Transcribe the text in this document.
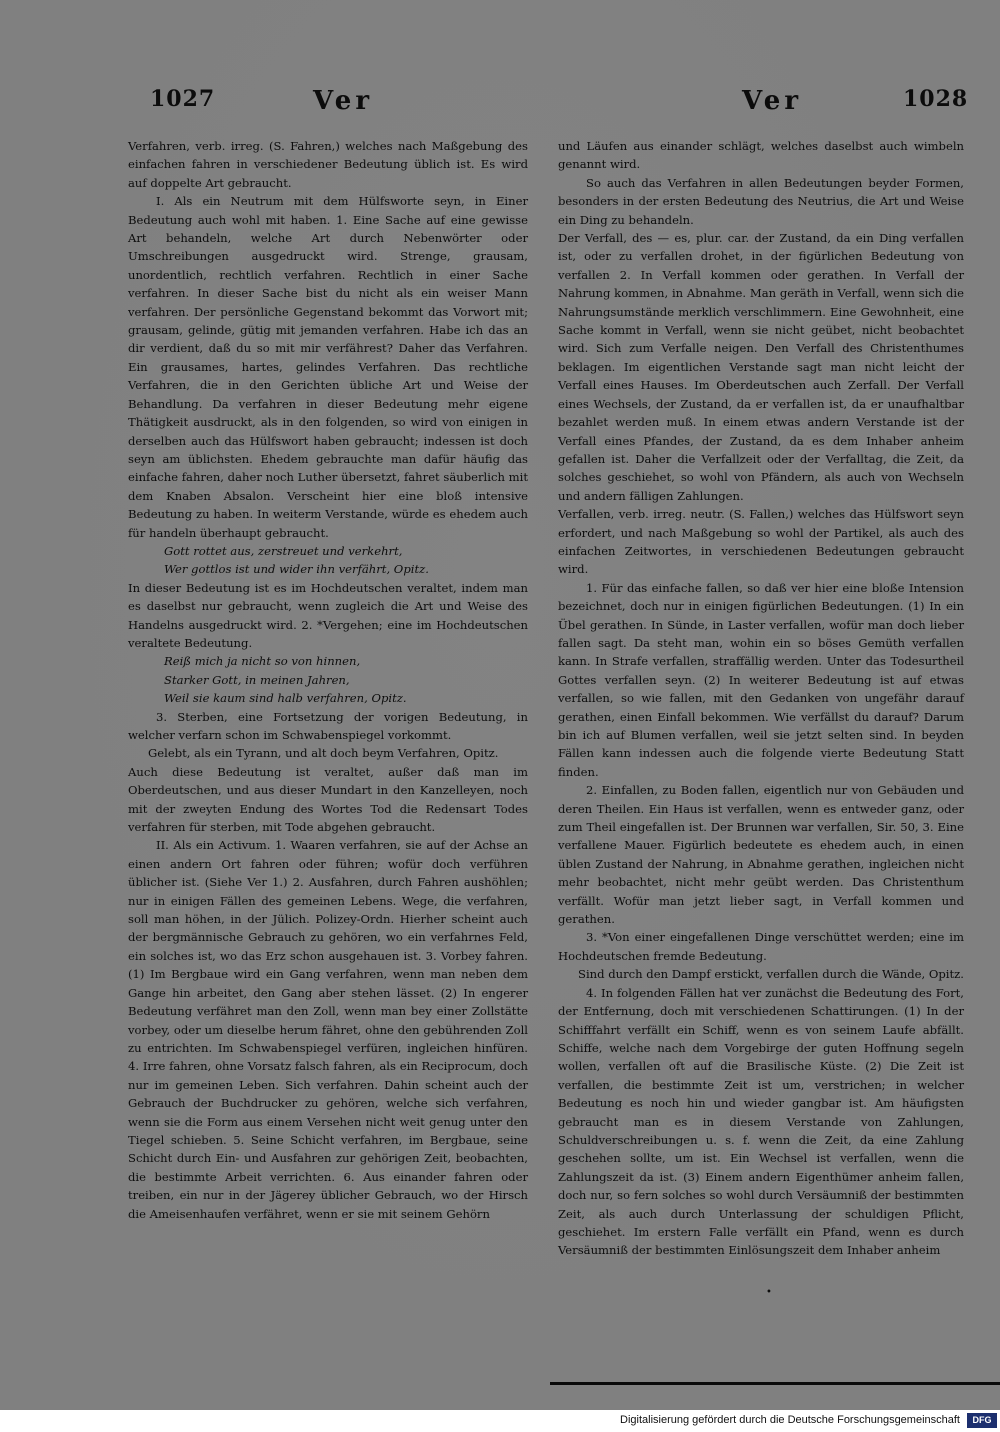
1027	Ver	Ver	1028

Verfahren, verb. irreg. (S. Fahren,) welches nach Maßgebung des einfachen fahren in verschiedener Bedeutung üblich ist. Es wird auf doppelte Art gebraucht.

I. Als ein Neutrum mit dem Hülfsworte seyn, in Einer Bedeutung auch wohl mit haben. 1. Eine Sache auf eine gewisse Art behandeln, welche Art durch Nebenwörter oder Umschreibungen ausgedruckt wird. Strenge, grausam, unordentlich, rechtlich verfahren. Rechtlich in einer Sache verfahren. In dieser Sache bist du nicht als ein weiser Mann verfahren. Der persönliche Gegenstand bekommt das Vorwort mit; grausam, gelinde, gütig mit jemanden verfahren. Habe ich das an dir verdient, daß du so mit mir verfährest? Daher das Verfahren. Ein grausames, hartes, gelindes Verfahren. Das rechtliche Verfahren, die in den Gerichten übliche Art und Weise der Behandlung. Da verfahren in dieser Bedeutung mehr eigene Thätigkeit ausdruckt, als in den folgenden, so wird von einigen in derselben auch das Hülfswort haben gebraucht; indessen ist doch seyn am üblichsten. Ehedem gebrauchte man dafür häufig das einfache fahren, daher noch Luther übersetzt, fahret säuberlich mit dem Knaben Absalon. Verscheint hier eine bloß intensive Bedeutung zu haben. In weiterm Verstande, würde es ehedem auch für handeln überhaupt gebraucht.

Gott rottet aus, zerstreuet und verkehrt,

Wer gottlos ist und wider ihn verfährt, Opitz.

In dieser Bedeutung ist es im Hochdeutschen veraltet, indem man es daselbst nur gebraucht, wenn zugleich die Art und Weise des Handelns ausgedruckt wird. 2. *Vergehen; eine im Hochdeutschen veraltete Bedeutung.

Reiß mich ja nicht so von hinnen,

Starker Gott, in meinen Jahren,

Weil sie kaum sind halb verfahren, Opitz.

3. Sterben, eine Fortsetzung der vorigen Bedeutung, in welcher verfarn schon im Schwabenspiegel vorkommt.

Gelebt, als ein Tyrann, und alt doch beym Verfahren, Opitz.

Auch diese Bedeutung ist veraltet, außer daß man im Oberdeutschen, und aus dieser Mundart in den Kanzelleyen, noch mit der zweyten Endung des Wortes Tod die Redensart Todes verfahren für sterben, mit Tode abgehen gebraucht.

II. Als ein Activum. 1. Waaren verfahren, sie auf der Achse an einen andern Ort fahren oder führen; wofür doch verführen üblicher ist. (Siehe Ver 1.) 2. Ausfahren, durch Fahren aushöhlen; nur in einigen Fällen des gemeinen Lebens. Wege, die verfahren, soll man höhen, in der Jülich. Polizey-Ordn. Hierher scheint auch der bergmännische Gebrauch zu gehören, wo ein verfahrnes Feld, ein solches ist, wo das Erz schon ausgehauen ist. 3. Vorbey fahren. (1) Im Bergbaue wird ein Gang verfahren, wenn man neben dem Gange hin arbeitet, den Gang aber stehen lässet. (2) In engerer Bedeutung verfähret man den Zoll, wenn man bey einer Zollstätte vorbey, oder um dieselbe herum fähret, ohne den gebührenden Zoll zu entrichten. Im Schwabenspiegel verfüren, ingleichen hinfüren. 4. Irre fahren, ohne Vorsatz falsch fahren, als ein Reciprocum, doch nur im gemeinen Leben. Sich verfahren. Dahin scheint auch der Gebrauch der Buchdrucker zu gehören, welche sich verfahren, wenn sie die Form aus einem Versehen nicht weit genug unter den Tiegel schieben. 5. Seine Schicht verfahren, im Bergbaue, seine Schicht durch Ein- und Ausfahren zur gehörigen Zeit, beobachten, die bestimmte Arbeit verrichten. 6. Aus einander fahren oder treiben, ein nur in der Jägerey üblicher Gebrauch, wo der Hirsch die Ameisenhaufen verfähret, wenn er sie mit seinem Gehörn

und Läufen aus einander schlägt, welches daselbst auch wimbeln genannt wird.

So auch das Verfahren in allen Bedeutungen beyder Formen, besonders in der ersten Bedeutung des Neutrius, die Art und Weise ein Ding zu behandeln.

Der Verfall, des — es, plur. car. der Zustand, da ein Ding verfallen ist, oder zu verfallen drohet, in der figürlichen Bedeutung von verfallen 2. In Verfall kommen oder gerathen. In Verfall der Nahrung kommen, in Abnahme. Man geräth in Verfall, wenn sich die Nahrungsumstände merklich verschlimmern. Eine Gewohnheit, eine Sache kommt in Verfall, wenn sie nicht geübet, nicht beobachtet wird. Sich zum Verfalle neigen. Den Verfall des Christenthumes beklagen. Im eigentlichen Verstande sagt man nicht leicht der Verfall eines Hauses. Im Oberdeutschen auch Zerfall. Der Verfall eines Wechsels, der Zustand, da er verfallen ist, da er unaufhaltbar bezahlet werden muß. In einem etwas andern Verstande ist der Verfall eines Pfandes, der Zustand, da es dem Inhaber anheim gefallen ist. Daher die Verfallzeit oder der Verfalltag, die Zeit, da solches geschiehet, so wohl von Pfändern, als auch von Wechseln und andern fälligen Zahlungen.

Verfallen, verb. irreg. neutr. (S. Fallen,) welches das Hülfswort seyn erfordert, und nach Maßgebung so wohl der Partikel, als auch des einfachen Zeitwortes, in verschiedenen Bedeutungen gebraucht wird.

1. Für das einfache fallen, so daß ver hier eine bloße Intension bezeichnet, doch nur in einigen figürlichen Bedeutungen. (1) In ein Übel gerathen. In Sünde, in Laster verfallen, wofür man doch lieber fallen sagt. Da steht man, wohin ein so böses Gemüth verfallen kann. In Strafe verfallen, straffällig werden. Unter das Todesurtheil Gottes verfallen seyn. (2) In weiterer Bedeutung ist auf etwas verfallen, so wie fallen, mit den Gedanken von ungefähr darauf gerathen, einen Einfall bekommen. Wie verfällst du darauf? Darum bin ich auf Blumen verfallen, weil sie jetzt selten sind. In beyden Fällen kann indessen auch die folgende vierte Bedeutung Statt finden.

2. Einfallen, zu Boden fallen, eigentlich nur von Gebäuden und deren Theilen. Ein Haus ist verfallen, wenn es entweder ganz, oder zum Theil eingefallen ist. Der Brunnen war verfallen, Sir. 50, 3. Eine verfallene Mauer. Figürlich bedeutete es ehedem auch, in einen üblen Zustand der Nahrung, in Abnahme gerathen, ingleichen nicht mehr beobachtet, nicht mehr geübt werden. Das Christenthum verfällt. Wofür man jetzt lieber sagt, in Verfall kommen und gerathen.

3. *Von einer eingefallenen Dinge verschüttet werden; eine im Hochdeutschen fremde Bedeutung.

Sind durch den Dampf erstickt, verfallen durch die Wände, Opitz.

4. In folgenden Fällen hat ver zunächst die Bedeutung des Fort, der Entfernung, doch mit verschiedenen Schattirungen. (1) In der Schifffahrt verfällt ein Schiff, wenn es von seinem Laufe abfällt. Schiffe, welche nach dem Vorgebirge der guten Hoffnung segeln wollen, verfallen oft auf die Brasilische Küste. (2) Die Zeit ist verfallen, die bestimmte Zeit ist um, verstrichen; in welcher Bedeutung es noch hin und wieder gangbar ist. Am häufigsten gebraucht man es in diesem Verstande von Zahlungen, Schuldverschreibungen u. s. f. wenn die Zeit, da eine Zahlung geschehen sollte, um ist. Ein Wechsel ist verfallen, wenn die Zahlungszeit da ist. (3) Einem andern Eigenthümer anheim fallen, doch nur, so fern solches so wohl durch Versäumniß der bestimmten Zeit, als auch durch Unterlassung der schuldigen Pflicht, geschiehet. Im erstern Falle verfällt ein Pfand, wenn es durch Versäumniß der bestimmten Einlösungszeit dem Inhaber anheim

•
Digitalisierung gefördert durch die Deutsche Forschungsgemeinschaft	DFG
